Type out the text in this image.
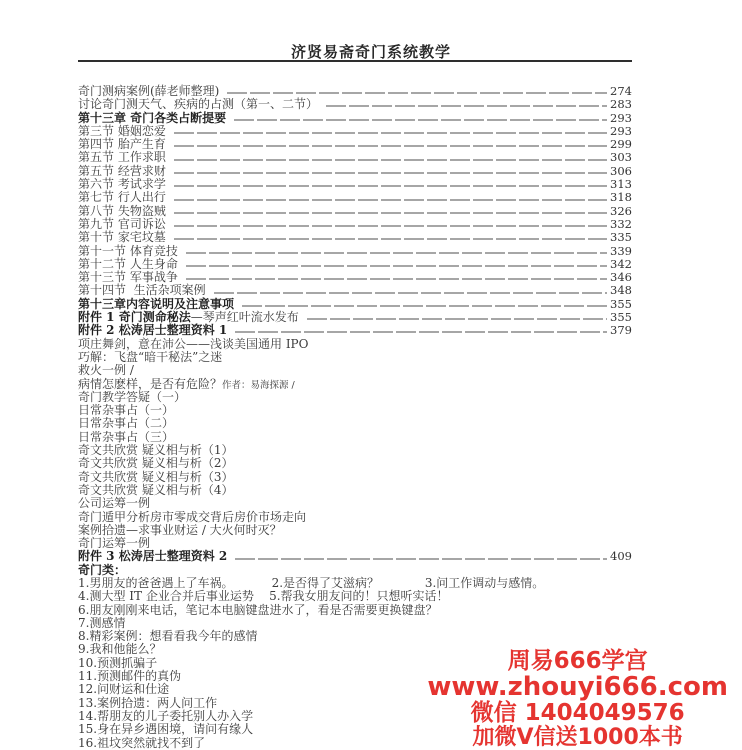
济贤易斋奇门系统教学
奇门测病案例(薛老师整理)	274
讨论奇门测天气、疾病的占测（第一、二节）	283
第十三章 奇门各类占断提要	293
第三节 婚姻恋爱	293
第四节 胎产生育	299
第五节 工作求职	303
第五节 经营求财	306
第六节 考试求学	313
第七节 行人出行	318
第八节 失物盗贼	326
第九节 官司诉讼	332
第十节 家宅坟墓	335
第十一节 体育竞技	339
第十二节 人生身命	342
第十三节 军事战争	346
第十四节  生活杂项案例	348
第十三章内容说明及注意事项	355
附件 1 奇门测命秘法 —琴声红叶流水发布	355
附件 2 松涛居士整理资料 1	379
项庄舞剑，意在沛公——浅谈美国通用 IPO
巧解：飞盘“暗干秘法”之迷
救火一例 /
病情怎麽样，是否有危险？ 作者：易海探源 /
奇门教学答疑（一）
日常杂事占（一）
日常杂事占（二）
日常杂事占（三）
奇文共欣赏 疑义相与析（1）
奇文共欣赏 疑义相与析（2）
奇文共欣赏 疑义相与析（3）
奇文共欣赏 疑义相与析（4）
公司运筹一例
奇门遁甲分析房市零成交背后房价市场走向
案例拾遗—求事业财运 / 大火何时灭？
奇门运筹一例
附件 3 松涛居士整理资料 2	409
奇门类：
1.男朋友的爸爸遇上了车祸。          2.是否得了艾滋病？            3.问工作调动与感情。
4.测大型 IT 企业合并后事业运势    5.帮我女朋友问的！只想听实话！
6.朋友刚刚来电话，笔记本电脑键盘进水了，看是否需要更换键盘？
7.测感情
8.精彩案例：想看看我今年的感情
9.我和他能么？
10.预测抓骗子
11.预测邮件的真伪
12.问财运和仕途
13.案例拾遗：两人问工作
14.帮朋友的儿子委托别人办入学
15.身在异乡遇困境，请问有缘人
16.祖坟突然就找不到了
周易666学宫
www.zhouyi666.com
微信 1404049576
加微V信送1000本书
